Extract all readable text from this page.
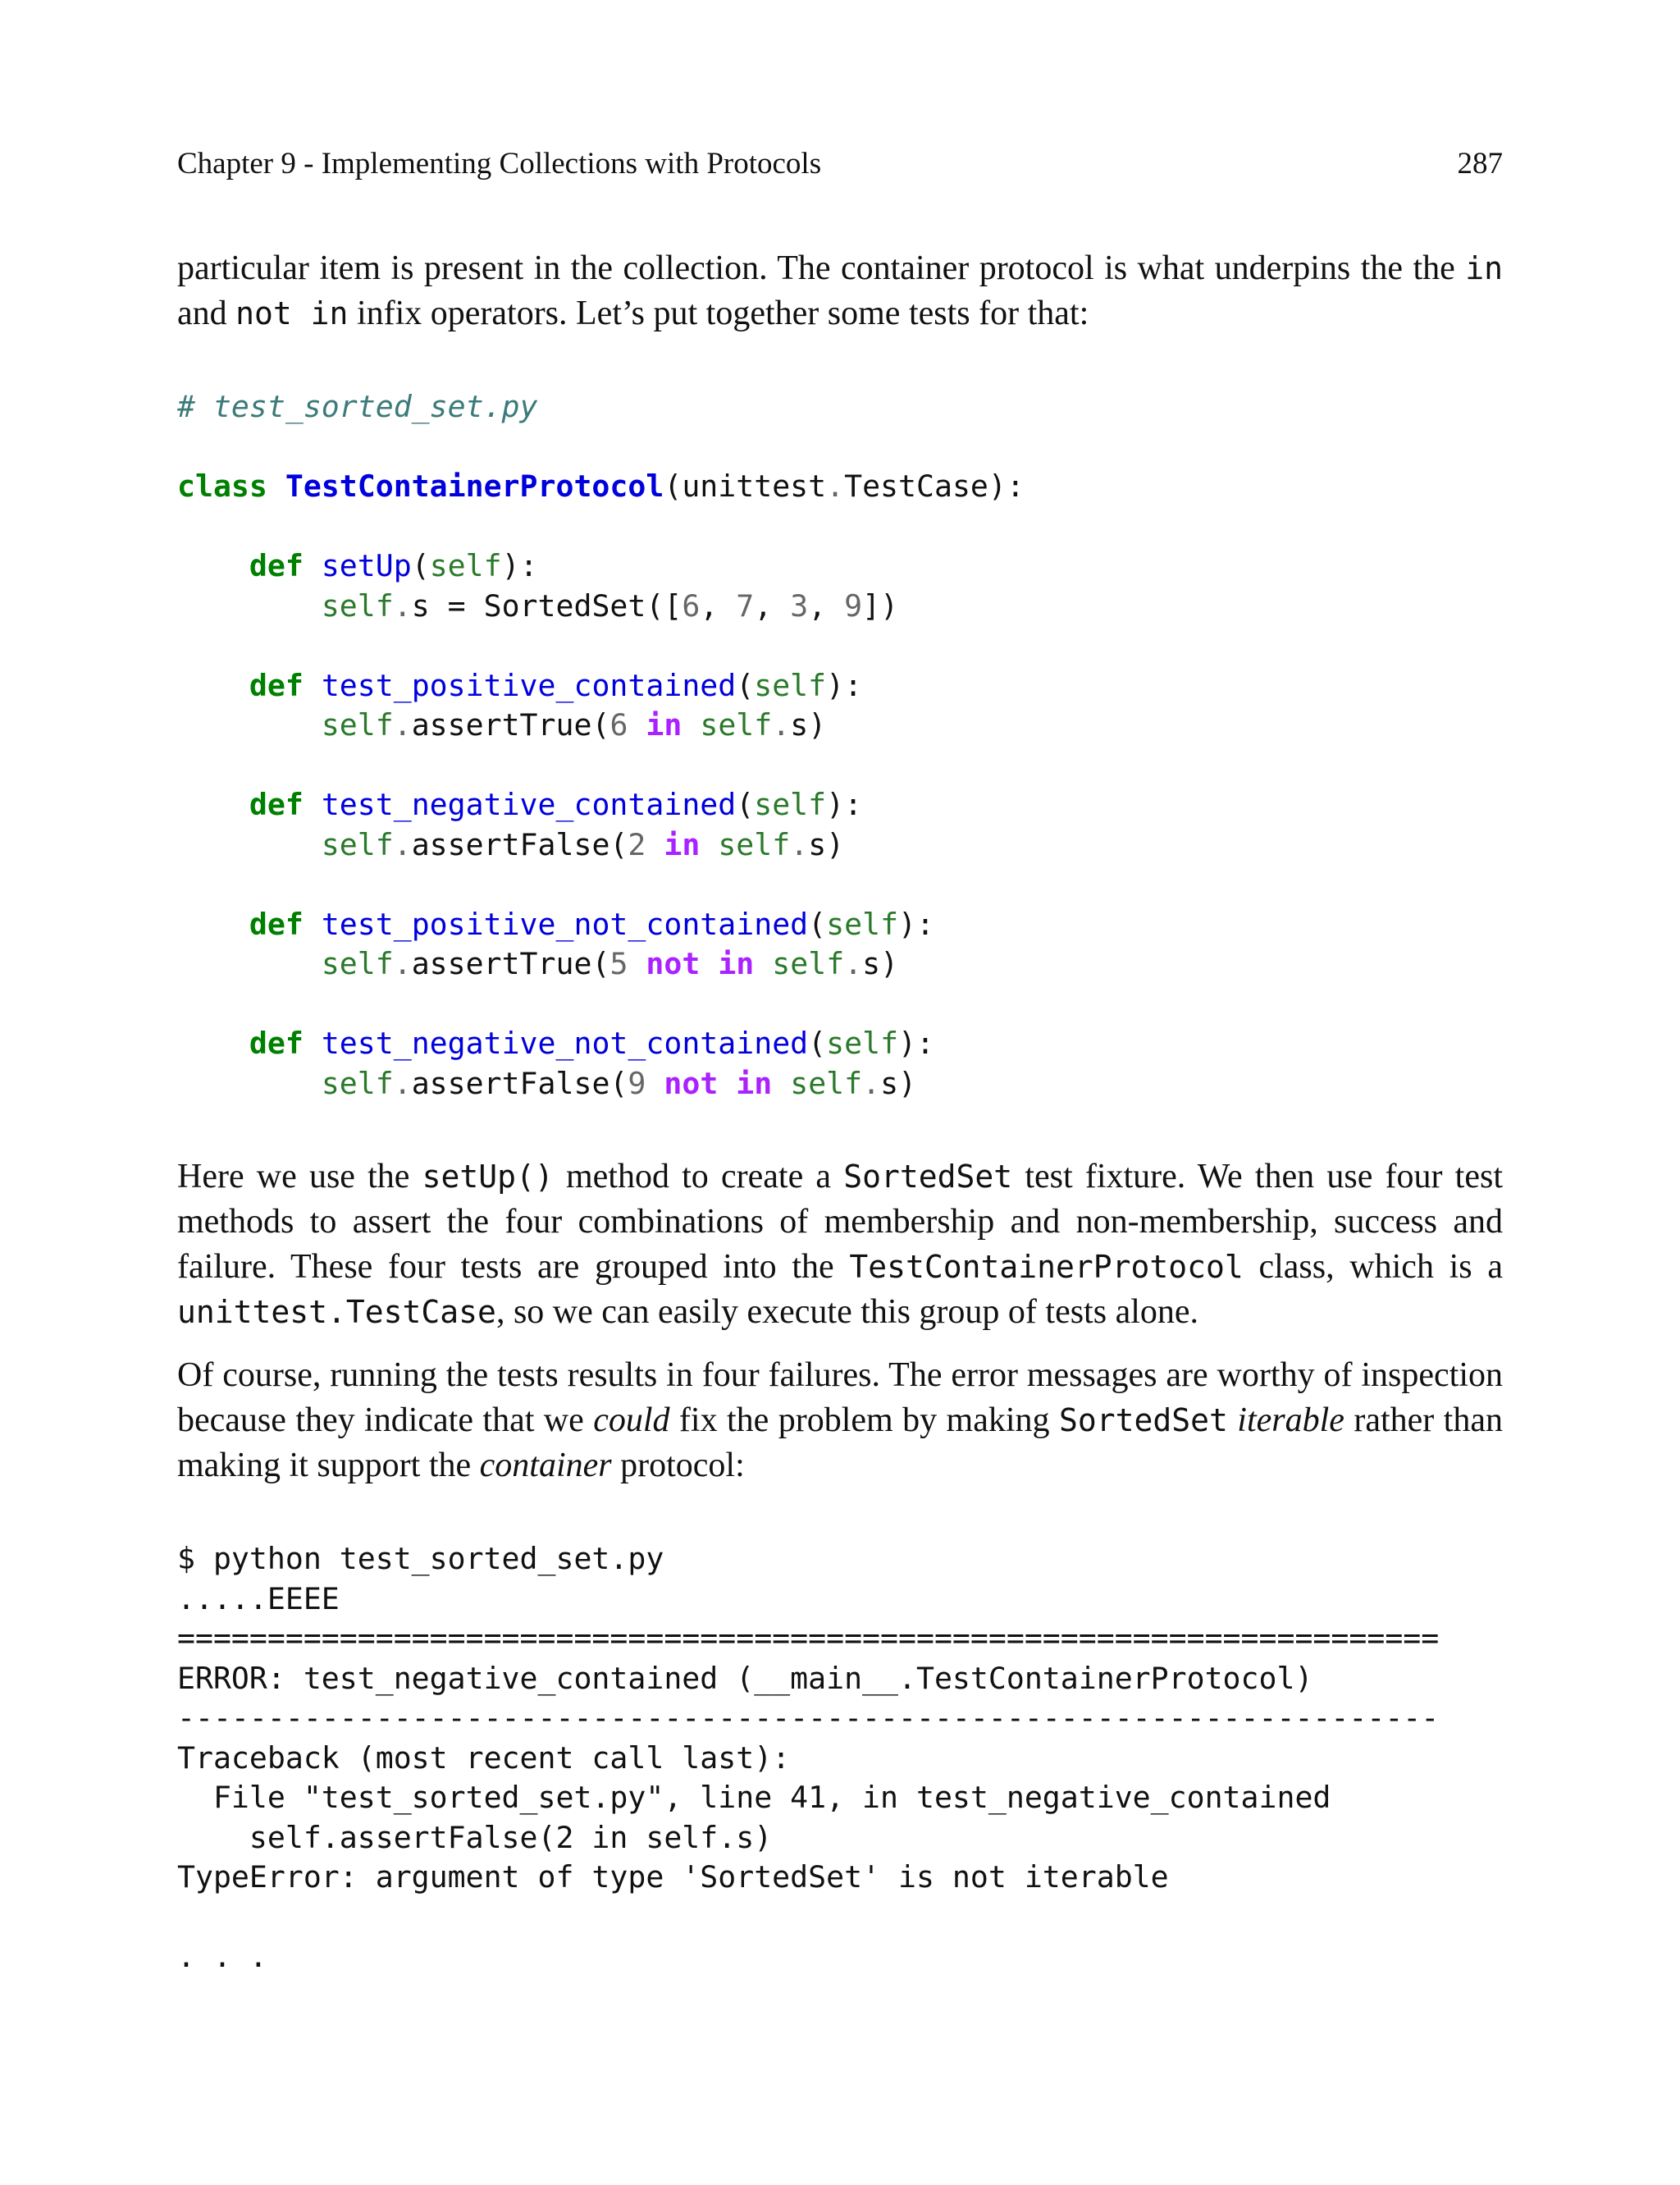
Chapter 9 - Implementing Collections with Protocols	287

particular item is present in the collection. The container protocol is what underpins the the in and not in infix operators. Let’s put together some tests for that:

# test_sorted_set.py

class TestContainerProtocol(unittest.TestCase):

def setUp(self):
self.s = SortedSet([6, 7, 3, 9])

def test_positive_contained(self):
self.assertTrue(6 in self.s)

def test_negative_contained(self):
self.assertFalse(2 in self.s)

def test_positive_not_contained(self):
self.assertTrue(5 not in self.s)

def test_negative_not_contained(self):
self.assertFalse(9 not in self.s)

Here we use the setUp() method to create a SortedSet test fixture. We then use four test methods to assert the four combinations of membership and non-membership, success and failure. These four tests are grouped into the TestContainerProtocol class, which is a unittest.TestCase, so we can easily execute this group of tests alone.

Of course, running the tests results in four failures. The error messages are worthy of inspection because they indicate that we could fix the problem by making SortedSet iterable rather than making it support the container protocol:

$ python test_sorted_set.py
.....EEEE
======================================================================
ERROR: test_negative_contained (__main__.TestContainerProtocol)
----------------------------------------------------------------------
Traceback (most recent call last):
File "test_sorted_set.py", line 41, in test_negative_contained
self.assertFalse(2 in self.s)
TypeError: argument of type 'SortedSet' is not iterable

. . .
